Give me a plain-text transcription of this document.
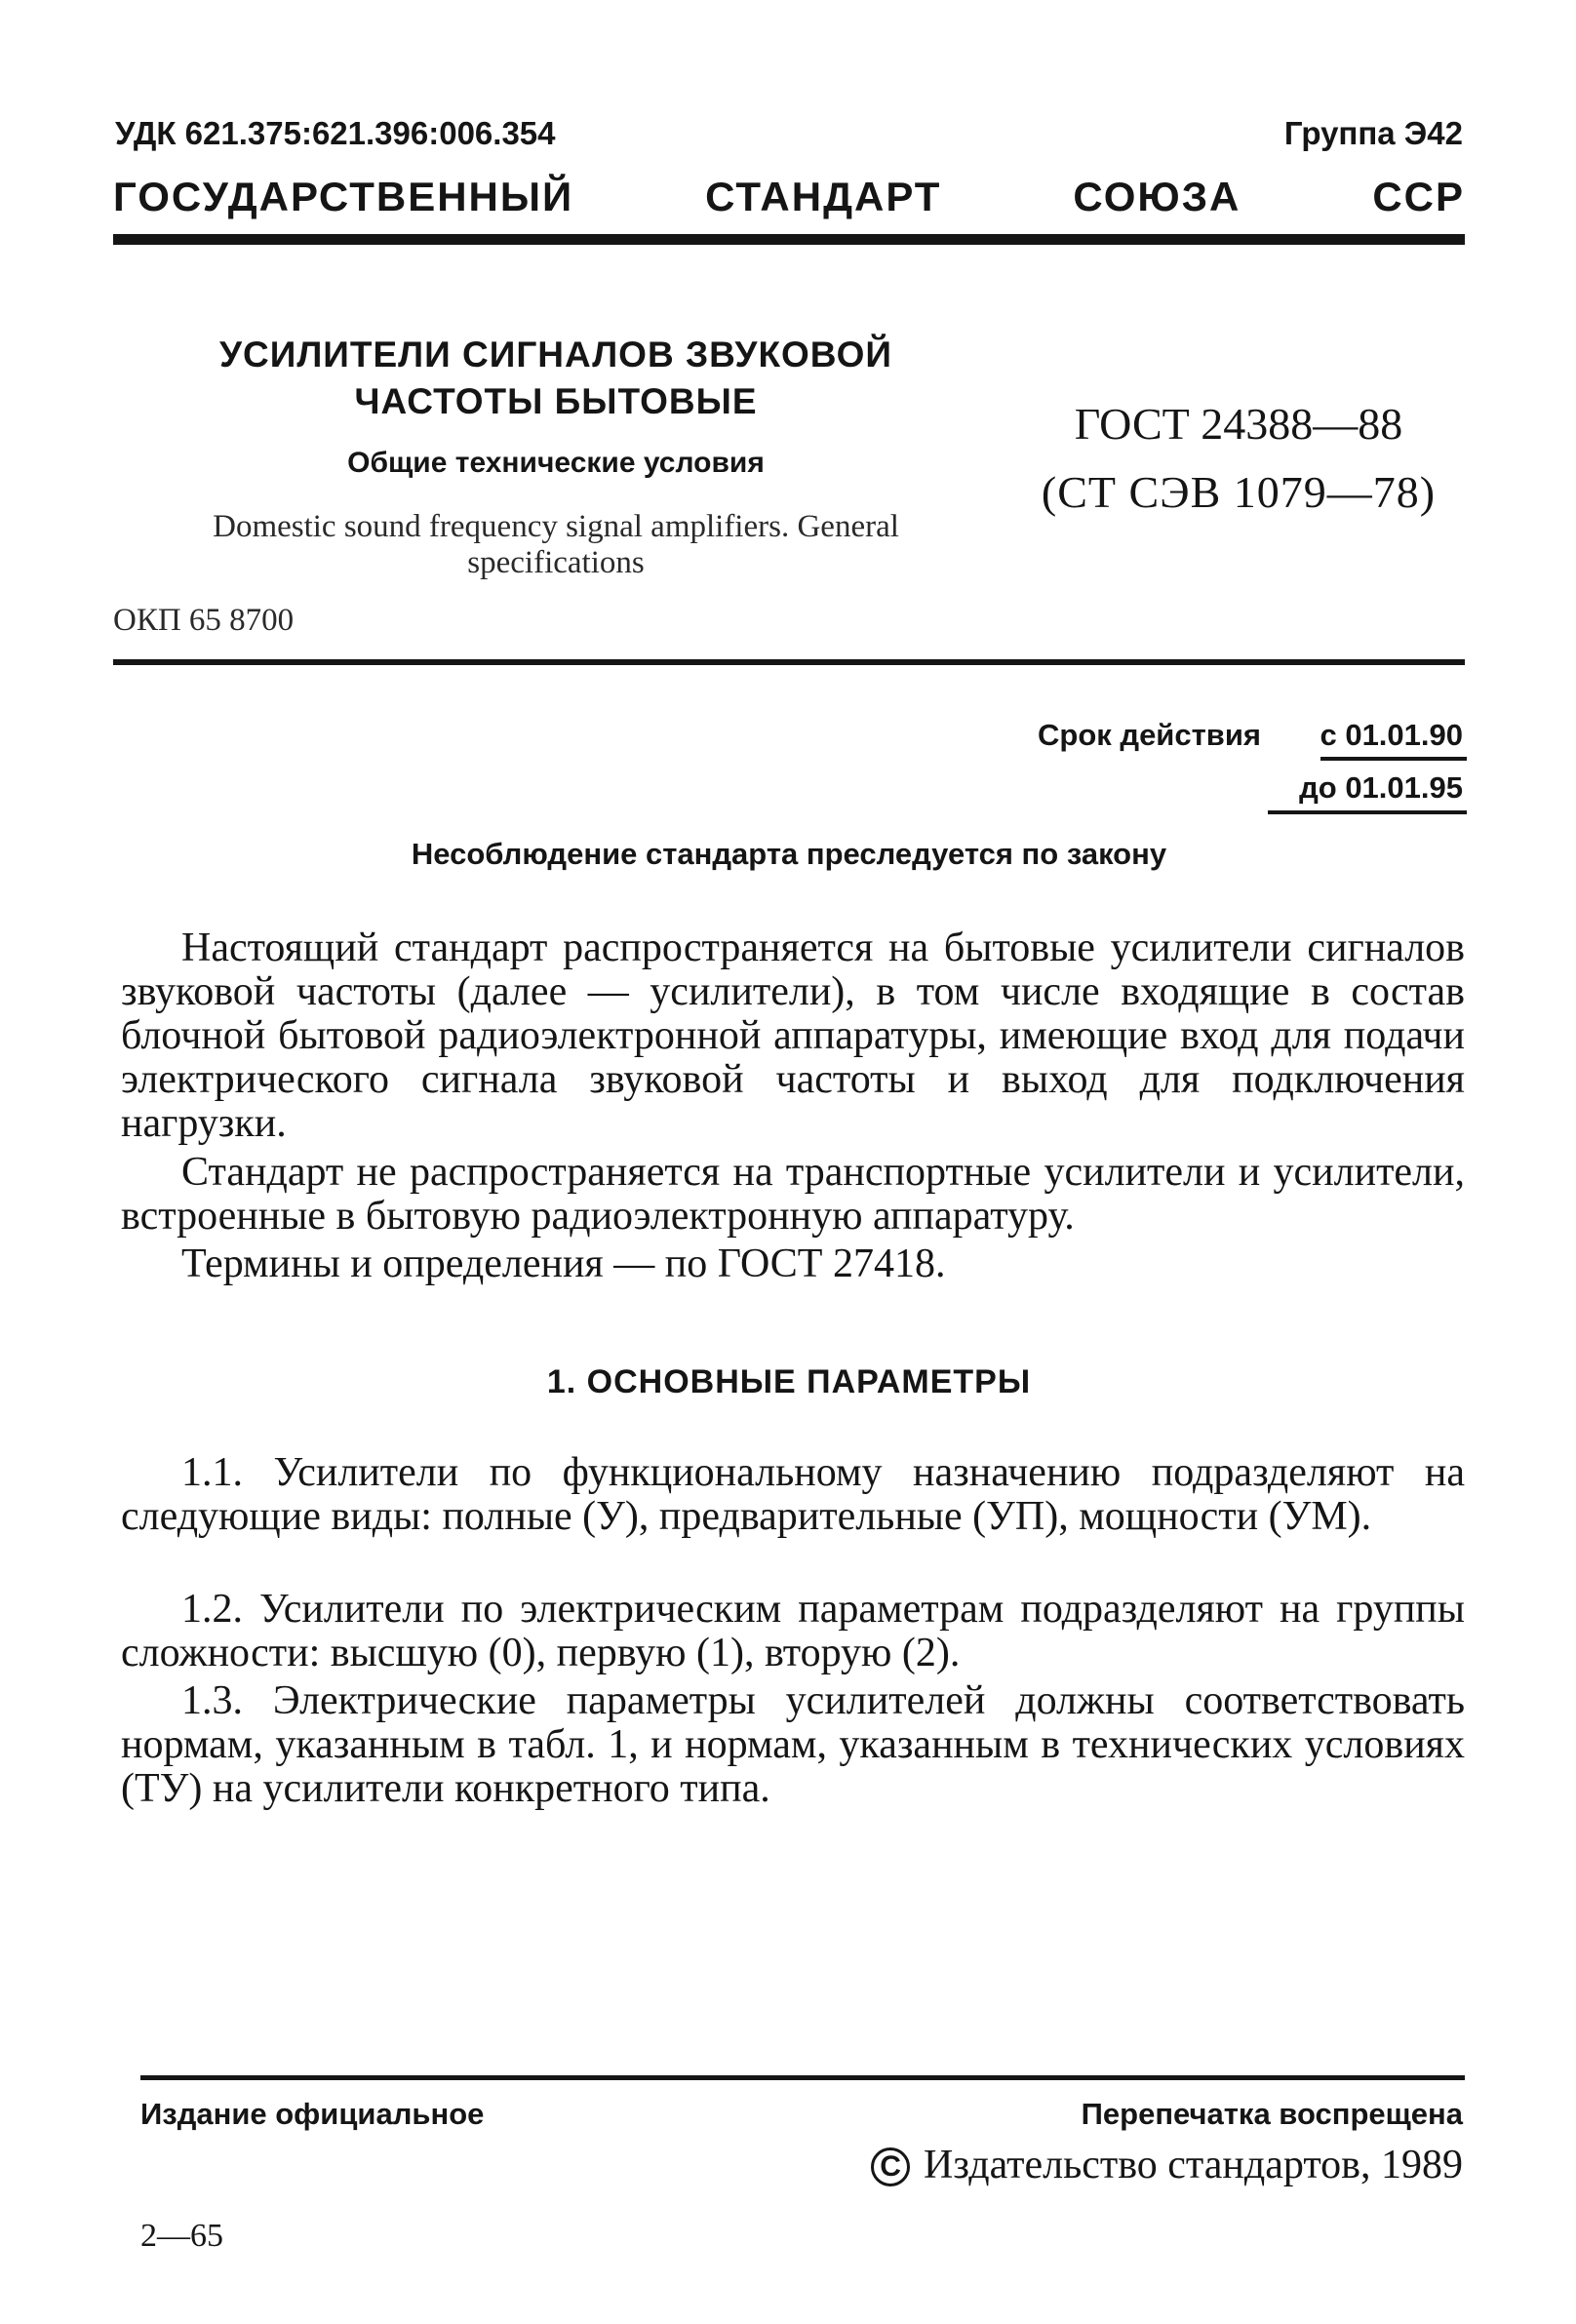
УДК 621.375:621.396:006.354	Группа Э42
ГОСУДАРСТВЕННЫЙ СТАНДАРТ СОЮЗА ССР
УСИЛИТЕЛИ СИГНАЛОВ ЗВУКОВОЙ ЧАСТОТЫ БЫТОВЫЕ
Общие технические условия
Domestic sound frequency signal amplifiers. General specifications
ОКП 65 8700
ГОСТ 24388—88
(СТ СЭВ 1079—78)
Срок действия с 01.01.90
до 01.01.95
Несоблюдение стандарта преследуется по закону
Настоящий стандарт распространяется на бытовые усилители сигналов звуковой частоты (далее — усилители), в том числе входящие в состав блочной бытовой радиоэлектронной аппаратуры, имеющие вход для подачи электрического сигнала звуковой частоты и выход для подключения нагрузки.
Стандарт не распространяется на транспортные усилители и усилители, встроенные в бытовую радиоэлектронную аппаратуру.
Термины и определения — по ГОСТ 27418.
1. ОСНОВНЫЕ ПАРАМЕТРЫ
1.1. Усилители по функциональному назначению подразделяют на следующие виды: полные (У), предварительные (УП), мощности (УМ).
1.2. Усилители по электрическим параметрам подразделяют на группы сложности: высшую (0), первую (1), вторую (2).
1.3. Электрические параметры усилителей должны соответствовать нормам, указанным в табл. 1, и нормам, указанным в технических условиях (ТУ) на усилители конкретного типа.
Издание официальное	Перепечатка воспрещена
C Издательство стандартов, 1989
2—65
